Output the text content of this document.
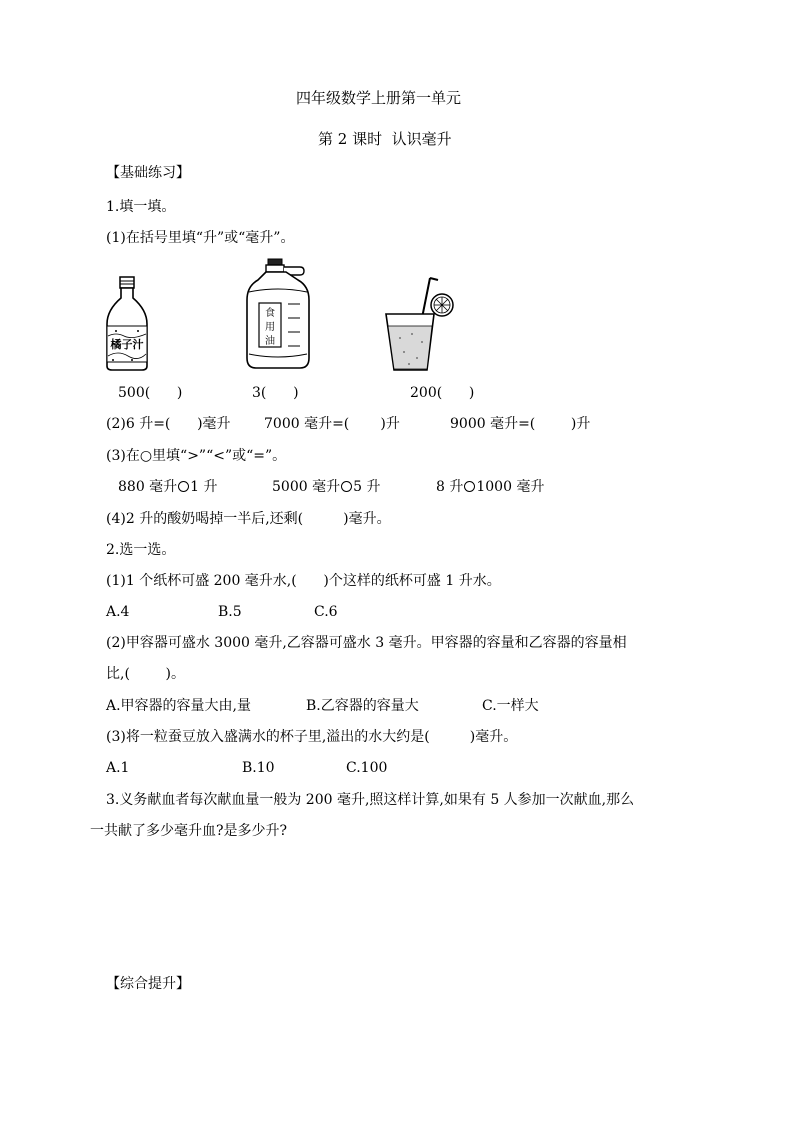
四年级数学上册第一单元
第 2 课时  认识毫升
【基础练习】
1.填一填。
(1)在括号里填“升”或“毫升”。
橘子汁
食
用
油
500(      )	3(      )	200(      )
(2)6 升=(      )毫升 7000 毫升=(       )升	9000 毫升=(        )升
(3)在○里填“>”“<”或“=”。
880 毫升 1 升	5000 毫升 5 升	8 升 1000 毫升
(4)2 升的酸奶喝掉一半后,还剩(         )毫升。
2.选一选。
(1)1 个纸杯可盛 200 毫升水,(      )个这样的纸杯可盛 1 升水。
A.4	B.5	C.6
(2)甲容器可盛水 3000 毫升,乙容器可盛水 3 毫升。甲容器的容量和乙容器的容量相
比,(        )。
A.甲容器的容量大由,量	B.乙容器的容量大	C.一样大
(3)将一粒蚕豆放入盛满水的杯子里,溢出的水大约是(         )毫升。
A.1	B.10	C.100
3.义务献血者每次献血量一般为 200 毫升,照这样计算,如果有 5 人参加一次献血,那么
一共献了多少毫升血?是多少升?
【综合提升】
